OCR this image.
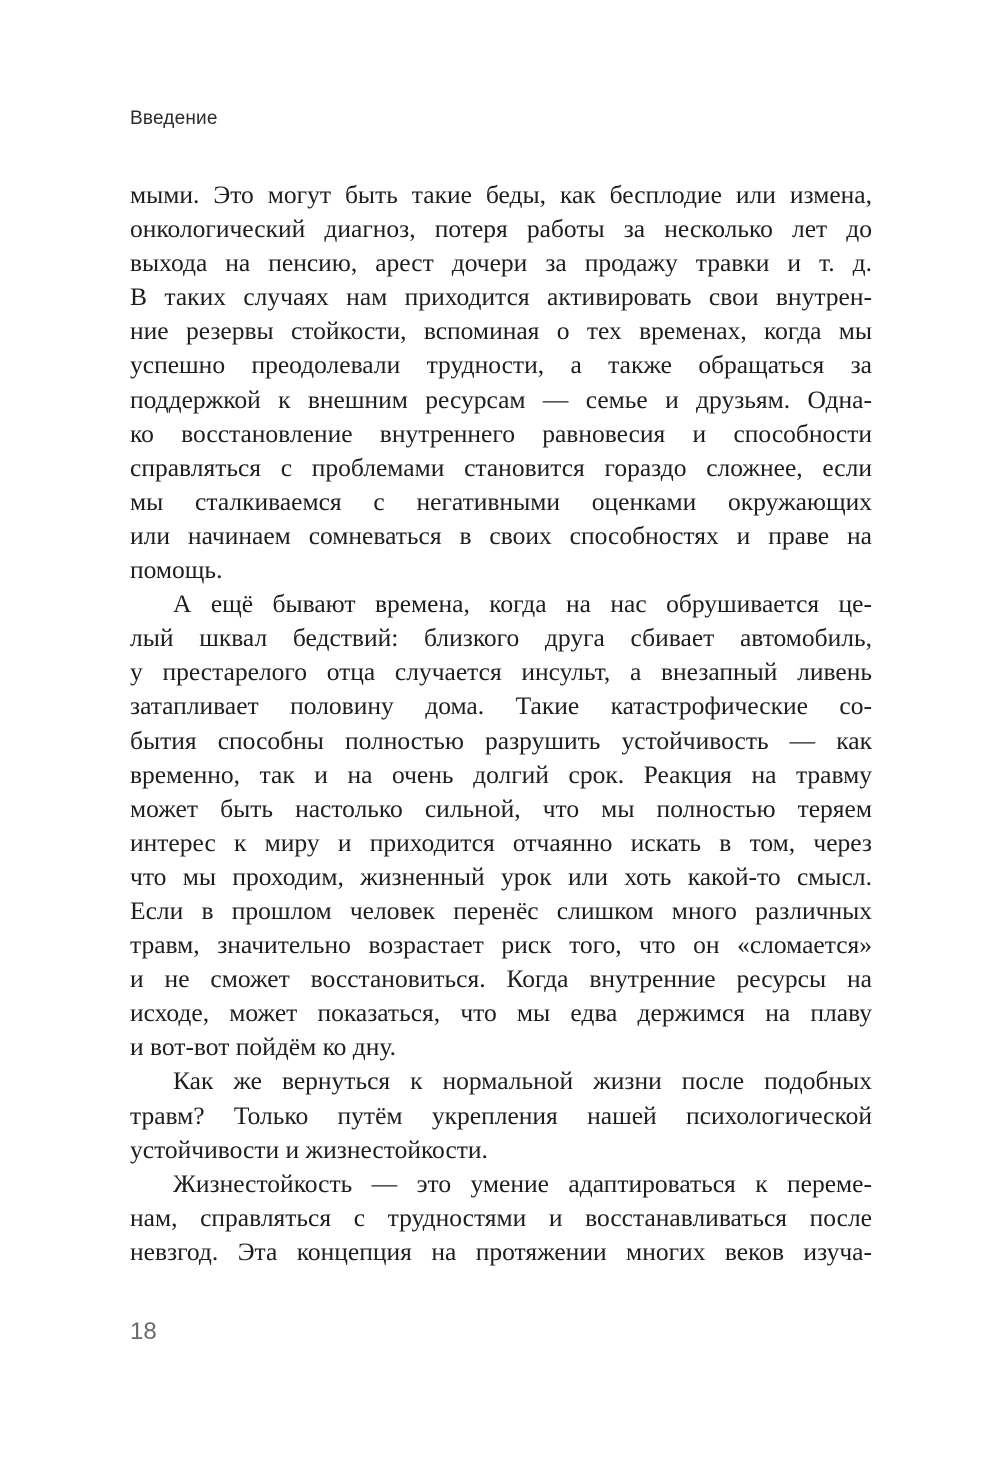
Введение
мыми. Это могут быть такие беды, как бесплодие или измена,
онкологический диагноз, потеря работы за несколько лет до
выхода на пенсию, арест дочери за продажу травки и т. д.
В таких случаях нам приходится активировать свои внутрен-
ние резервы стойкости, вспоминая о тех временах, когда мы
успешно преодолевали трудности, а также обращаться за
поддержкой к внешним ресурсам — семье и друзьям. Одна-
ко восстановление внутреннего равновесия и способности
справляться с проблемами становится гораздо сложнее, если
мы сталкиваемся с негативными оценками окружающих
или начинаем сомневаться в своих способностях и праве на
помощь.
А ещё бывают времена, когда на нас обрушивается це-
лый шквал бедствий: близкого друга сбивает автомобиль,
у престарелого отца случается инсульт, а внезапный ливень
затапливает половину дома. Такие катастрофические со-
бытия способны полностью разрушить устойчивость — как
временно, так и на очень долгий срок. Реакция на травму
может быть настолько сильной, что мы полностью теряем
интерес к миру и приходится отчаянно искать в том, через
что мы проходим, жизненный урок или хоть какой-то смысл.
Если в прошлом человек перенёс слишком много различных
травм, значительно возрастает риск того, что он «сломается»
и не сможет восстановиться. Когда внутренние ресурсы на
исходе, может показаться, что мы едва держимся на плаву
и вот-вот пойдём ко дну.
Как же вернуться к нормальной жизни после подобных
травм? Только путём укрепления нашей психологической
устойчивости и жизнестойкости.
Жизнестойкость — это умение адаптироваться к переме-
нам, справляться с трудностями и восстанавливаться после
невзгод. Эта концепция на протяжении многих веков изуча-
18
